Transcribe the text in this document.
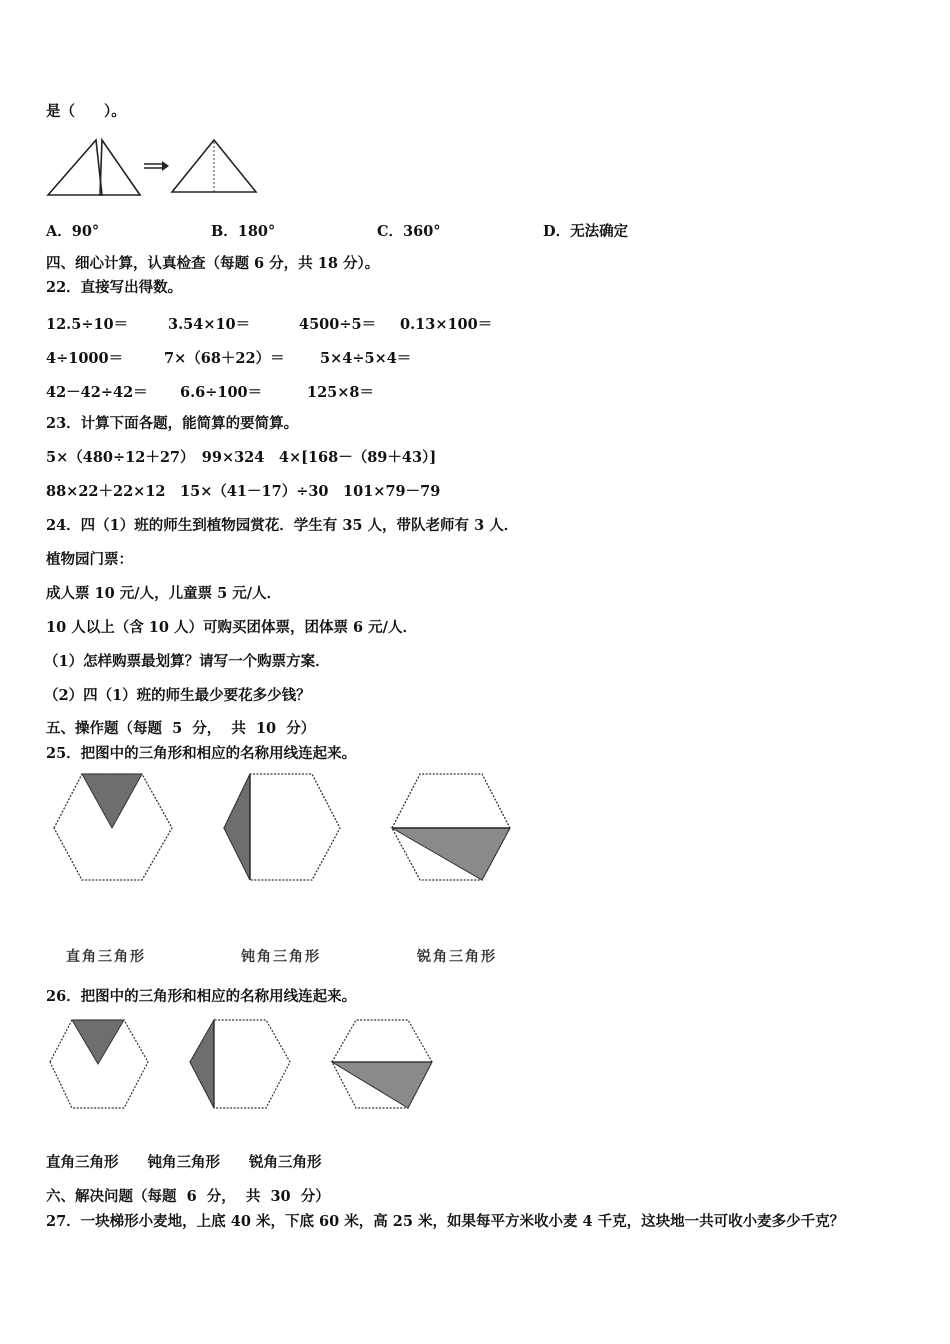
是（　　）。
A．90°	B．180°	C．360°	D．无法确定
四、细心计算，认真检查（每题 6 分，共 18 分）。
22．直接写出得数。
12.5÷10＝	3.54×10＝	4500÷5＝ 0.13×100＝
4÷1000＝	7×（68＋22）＝ 5×4÷5×4＝
42－42÷42＝ 6.6÷100＝	125×8＝
23．计算下面各题，能简算的要简算。
5×（480÷12＋27）　99×324　4×[168－（89＋43）]
88×22＋22×12　15×（41－17）÷30　101×79－79
24．四（1）班的师生到植物园赏花．学生有 35 人，带队老师有 3 人．
植物园门票：
成人票 10 元/人，儿童票 5 元/人．
10 人以上（含 10 人）可购买团体票，团体票 6 元/人．
（1）怎样购票最划算？请写一个购票方案．
（2）四（1）班的师生最少要花多少钱？
五、操作题（每题  5  分，  共  10  分）
25．把图中的三角形和相应的名称用线连起来。
直角三角形	钝角三角形	锐角三角形
26．把图中的三角形和相应的名称用线连起来。
直角三角形　　钝角三角形　　锐角三角形
六、解决问题（每题  6  分，  共  30  分）
27．一块梯形小麦地，上底 40 米，下底 60 米，高 25 米，如果每平方米收小麦 4 千克，这块地一共可收小麦多少千克？
